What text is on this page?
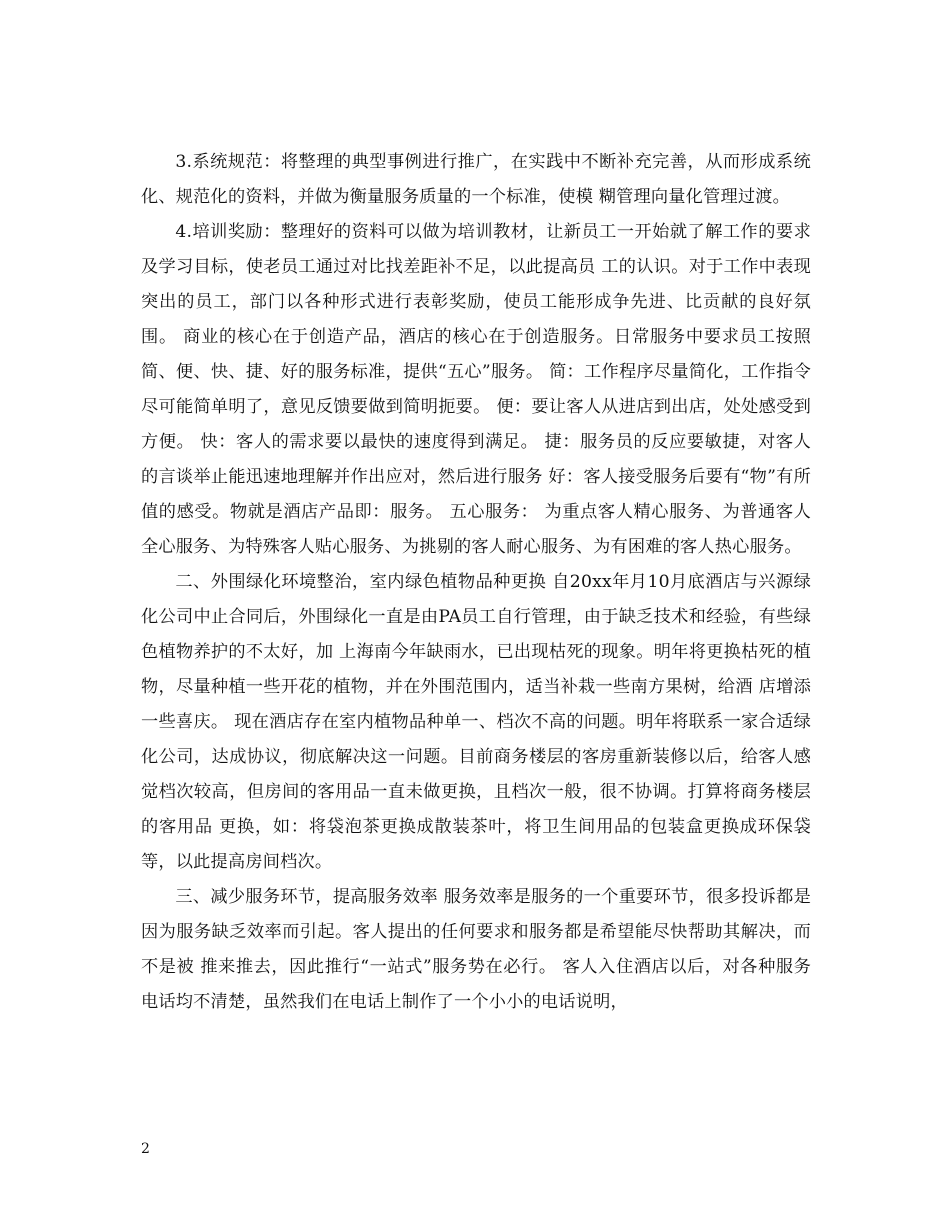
3.系统规范：将整理的典型事例进行推广，在实践中不断补充完善，从而形成系统化、规范化的资料，并做为衡量服务质量的一个标准，使模 糊管理向量化管理过渡。

4.培训奖励：整理好的资料可以做为培训教材，让新员工一开始就了解工作的要求及学习目标，使老员工通过对比找差距补不足，以此提高员 工的认识。对于工作中表现突出的员工，部门以各种形式进行表彰奖励，使员工能形成争先进、比贡献的良好氛围。 商业的核心在于创造产品，酒店的核心在于创造服务。日常服务中要求员工按照简、便、快、捷、好的服务标准，提供“五心”服务。 简：工作程序尽量简化，工作指令尽可能简单明了，意见反馈要做到简明扼要。 便：要让客人从进店到出店，处处感受到方便。 快：客人的需求要以最快的速度得到满足。 捷：服务员的反应要敏捷，对客人的言谈举止能迅速地理解并作出应对，然后进行服务 好：客人接受服务后要有“物”有所值的感受。物就是酒店产品即：服务。 五心服务： 为重点客人精心服务、为普通客人全心服务、为特殊客人贴心服务、为挑剔的客人耐心服务、为有困难的客人热心服务。

二、外围绿化环境整治，室内绿色植物品种更换 自20xx年月10月底酒店与兴源绿化公司中止合同后，外围绿化一直是由PA员工自行管理，由于缺乏技术和经验，有些绿色植物养护的不太好，加 上海南今年缺雨水，已出现枯死的现象。明年将更换枯死的植物，尽量种植一些开花的植物，并在外围范围内，适当补栽一些南方果树，给酒 店增添一些喜庆。 现在酒店存在室内植物品种单一、档次不高的问题。明年将联系一家合适绿化公司，达成协议，彻底解决这一问题。目前商务楼层的客房重新装修以后，给客人感觉档次较高，但房间的客用品一直未做更换，且档次一般，很不协调。打算将商务楼层的客用品 更换，如：将袋泡茶更换成散装茶叶，将卫生间用品的包装盒更换成环保袋等，以此提高房间档次。

三、减少服务环节，提高服务效率 服务效率是服务的一个重要环节，很多投诉都是因为服务缺乏效率而引起。客人提出的任何要求和服务都是希望能尽快帮助其解决，而不是被 推来推去，因此推行“一站式”服务势在必行。 客人入住酒店以后，对各种服务电话均不清楚，虽然我们在电话上制作了一个小小的电话说明，

2
